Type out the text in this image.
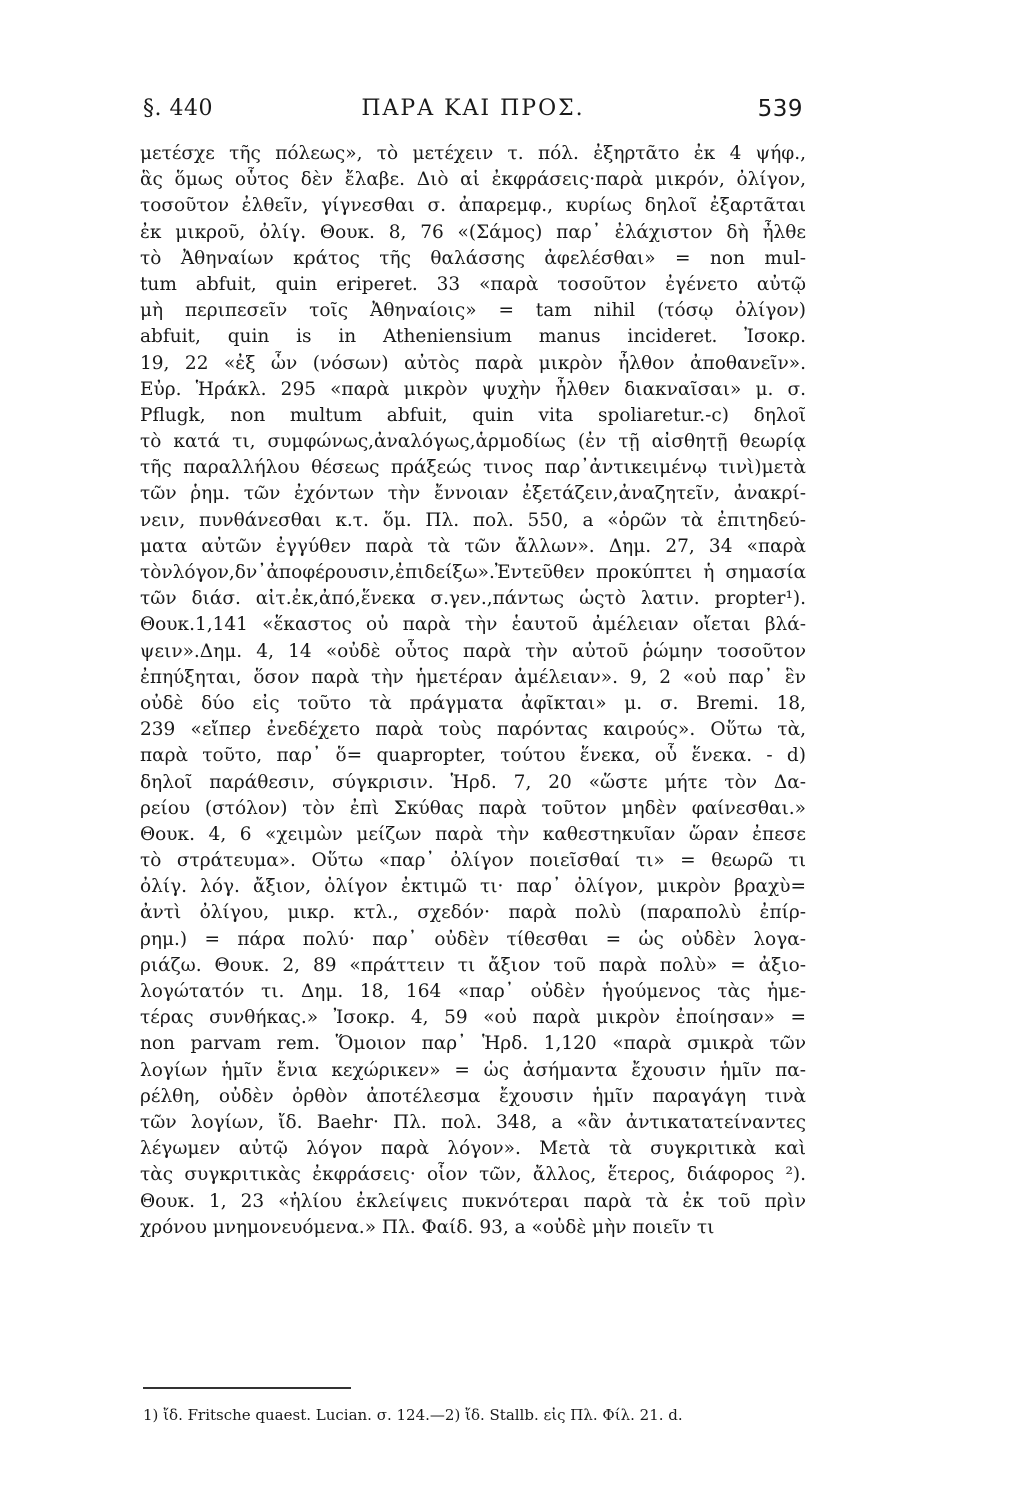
§. 440	ΠΑΡΑ ΚΑΙ ΠΡΟΣ.	539
μετέσχε τῆς πόλεως», τὸ μετέχειν τ. πόλ. ἐξηρτᾶτο ἐκ 4 ψήφ.,
ἃς ὅμως οὗτος δὲν ἔλαβε. Διὸ αἱ ἐκφράσεις·παρὰ μικρόν, ὀλίγον,
τοσοῦτον ἐλθεῖν, γίγνεσθαι σ. ἀπαρεμφ., κυρίως δηλοῖ ἐξαρτᾶται
ἐκ μικροῦ, ὀλίγ. Θουκ. 8, 76 «(Σάμος) παρ᾽ ἐλάχιστον δὴ ἦλθε
τὸ Ἀθηναίων κράτος τῆς θαλάσσης ἀφελέσθαι» = non mul-
tum abfuit, quin eriperet. 33 «παρὰ τοσοῦτον ἐγένετο αὐτῷ
μὴ περιπεσεῖν τοῖς Ἀθηναίοις» = tam nihil (τόσῳ ὀλίγον)
abfuit, quin is in Atheniensium manus incideret. Ἰσοκρ.
19, 22 «ἐξ ὧν (νόσων) αὐτὸς παρὰ μικρὸν ἦλθον ἀποθανεῖν».
Εὐρ. Ἡράκλ. 295 «παρὰ μικρὸν ψυχὴν ἦλθεν διακναῖσαι» μ. σ.
Pflugk, non multum abfuit, quin vita spoliaretur.-c) δηλοῖ
τὸ κατά τι, συμφώνως,ἀναλόγως,ἁρμοδίως (ἐν τῇ αἰσθητῇ θεωρίᾳ
τῆς παραλλήλου θέσεως πράξεώς τινος παρ᾽ἀντικειμένῳ τινὶ)μετὰ
τῶν ῥημ. τῶν ἐχόντων τὴν ἔννοιαν ἐξετάζειν,ἀναζητεῖν, ἀνακρί-
νειν, πυνθάνεσθαι κ.τ. ὅμ. Πλ. πολ. 550, a «ὁρῶν τὰ ἐπιτηδεύ-
ματα αὐτῶν ἐγγύθεν παρὰ τὰ τῶν ἄλλων». Δημ. 27, 34 «παρὰ
τὸνλόγον,δν᾽ἀποφέρουσιν,ἐπιδείξω».Ἐντεῦθεν προκύπτει ἡ σημασία
τῶν διάσ. αἰτ.ἐκ,ἀπό,ἕνεκα σ.γεν.,πάντως ὡςτὸ λατιν. propter¹).
Θουκ.1,141 «ἕκαστος οὐ παρὰ τὴν ἑαυτοῦ ἀμέλειαν οἴεται βλά-
ψειν».Δημ. 4, 14 «οὐδὲ οὗτος παρὰ τὴν αὐτοῦ ῥώμην τοσοῦτον
ἐπηύξηται, ὅσον παρὰ τὴν ἡμετέραν ἀμέλειαν». 9, 2 «οὐ παρ᾽ ἓν
οὐδὲ δύο εἰς τοῦτο τὰ πράγματα ἀφῖκται» μ. σ. Bremi. 18,
239 «εἴπερ ἐνεδέχετο παρὰ τοὺς παρόντας καιρούς». Οὕτω τὰ,
παρὰ τοῦτο, παρ᾽ ὅ= quapropter, τούτου ἕνεκα, οὗ ἕνεκα. - d)
δηλοῖ παράθεσιν, σύγκρισιν. Ἡρδ. 7, 20 «ὥστε μήτε τὸν Δα-
ρείου (στόλον) τὸν ἐπὶ Σκύθας παρὰ τοῦτον μηδὲν φαίνεσθαι.»
Θουκ. 4, 6 «χειμὼν μείζων παρὰ τὴν καθεστηκυῖαν ὥραν ἐπεσε
τὸ στράτευμα». Οὕτω «παρ᾽ ὀλίγον ποιεῖσθαί τι» = θεωρῶ τι
ὀλίγ. λόγ. ἄξιον, ὀλίγον ἐκτιμῶ τι· παρ᾽ ὀλίγον, μικρὸν βραχὺ=
ἀντὶ ὀλίγου, μικρ. κτλ., σχεδόν· παρὰ πολὺ (παραπολὺ ἐπίρ-
ρημ.) = πάρα πολύ· παρ᾽ οὐδὲν τίθεσθαι = ὡς οὐδὲν λογα-
ριάζω. Θουκ. 2, 89 «πράττειν τι ἄξιον τοῦ παρὰ πολὺ» = ἀξιο-
λογώτατόν τι. Δημ. 18, 164 «παρ᾽ οὐδὲν ἡγούμενος τὰς ἡμε-
τέρας συνθήκας.» Ἰσοκρ. 4, 59 «οὐ παρὰ μικρὸν ἐποίησαν» =
non parvam rem. Ὅμοιον παρ᾽ Ἡρδ. 1,120 «παρὰ σμικρὰ τῶν
λογίων ἡμῖν ἔνια κεχώρικεν» = ὡς ἀσήμαντα ἔχουσιν ἡμῖν πα-
ρέλθη, οὐδὲν ὀρθὸν ἀποτέλεσμα ἔχουσιν ἡμῖν παραγάγη τινὰ
τῶν λογίων, ἴδ. Baehr· Πλ. πολ. 348, a «ἂν ἀντικατατείναντες
λέγωμεν αὐτῷ λόγον παρὰ λόγον». Μετὰ τὰ συγκριτικὰ καὶ
τὰς συγκριτικὰς ἐκφράσεις· οἷον τῶν, ἄλλος, ἕτερος, διάφορος ²).
Θουκ. 1, 23 «ἡλίου ἐκλείψεις πυκνότεραι παρὰ τὰ ἐκ τοῦ πρὶν
χρόνου μνημονευόμενα.» Πλ. Φαίδ. 93, a «οὐδὲ μὴν ποιεῖν τι
1) ἴδ. Fritsche quaest. Lucian. σ. 124.—2) ἴδ. Stallb. εἰς Πλ. Φίλ. 21. d.
